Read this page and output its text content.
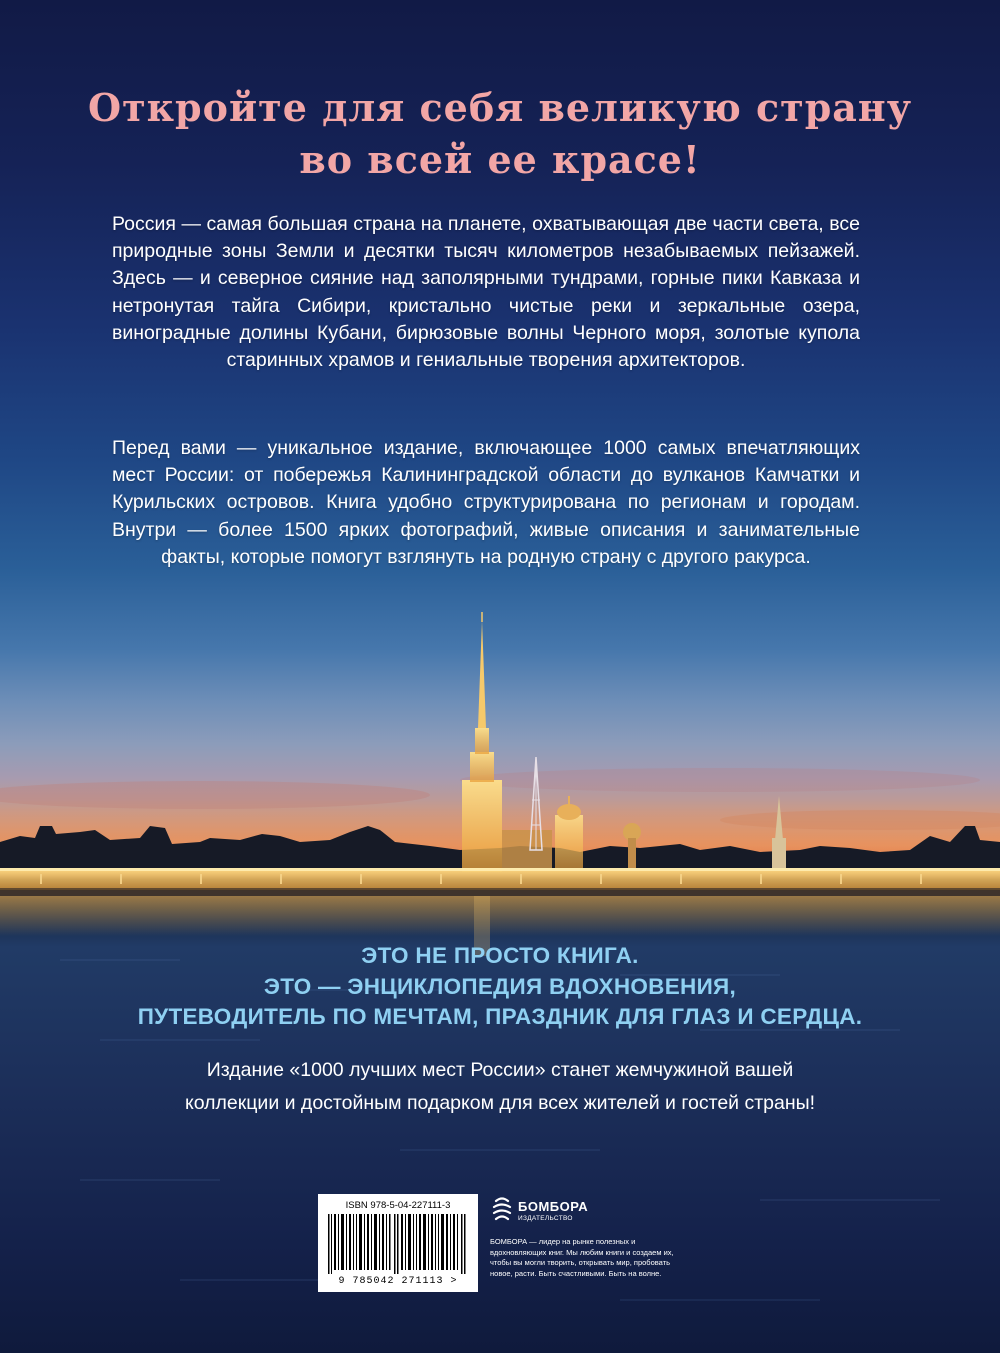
Откройте для себя великую страну
во всей ее красе!

Россия — самая большая страна на планете, охватывающая две части света, все природные зоны Земли и десятки тысяч километров незабываемых пейзажей. Здесь — и северное сияние над заполярными тундрами, горные пики Кавказа и нетронутая тайга Сибири, кристально чистые реки и зеркальные озера, виноградные долины Кубани, бирюзовые волны Черного моря, золотые купола старинных храмов и гениальные творения архитекторов.

Перед вами — уникальное издание, включающее 1000 самых впечатляющих мест России: от побережья Калининградской области до вулканов Камчатки и Курильских островов. Книга удобно структурирована по регионам и городам. Внутри — более 1500 ярких фотографий, живые описания и занимательные факты, которые помогут взглянуть на родную страну с другого ракурса.

ЭТО НЕ ПРОСТО КНИГА.
ЭТО — ЭНЦИКЛОПЕДИЯ ВДОХНОВЕНИЯ,
ПУТЕВОДИТЕЛЬ ПО МЕЧТАМ, ПРАЗДНИК ДЛЯ ГЛАЗ И СЕРДЦА.

Издание «1000 лучших мест России» станет жемчужиной вашей
коллекции и достойным подарком для всех жителей и гостей страны!

ISBN 978-5-04-227111-3
9 785042 271113 >
БОМБОРА
ИЗДАТЕЛЬСТВО

БОМБОРА — лидер на рынке полезных и вдохновляющих книг. Мы любим книги и создаем их, чтобы вы могли творить, открывать мир, пробовать новое, расти. Быть счастливыми. Быть на волне.
